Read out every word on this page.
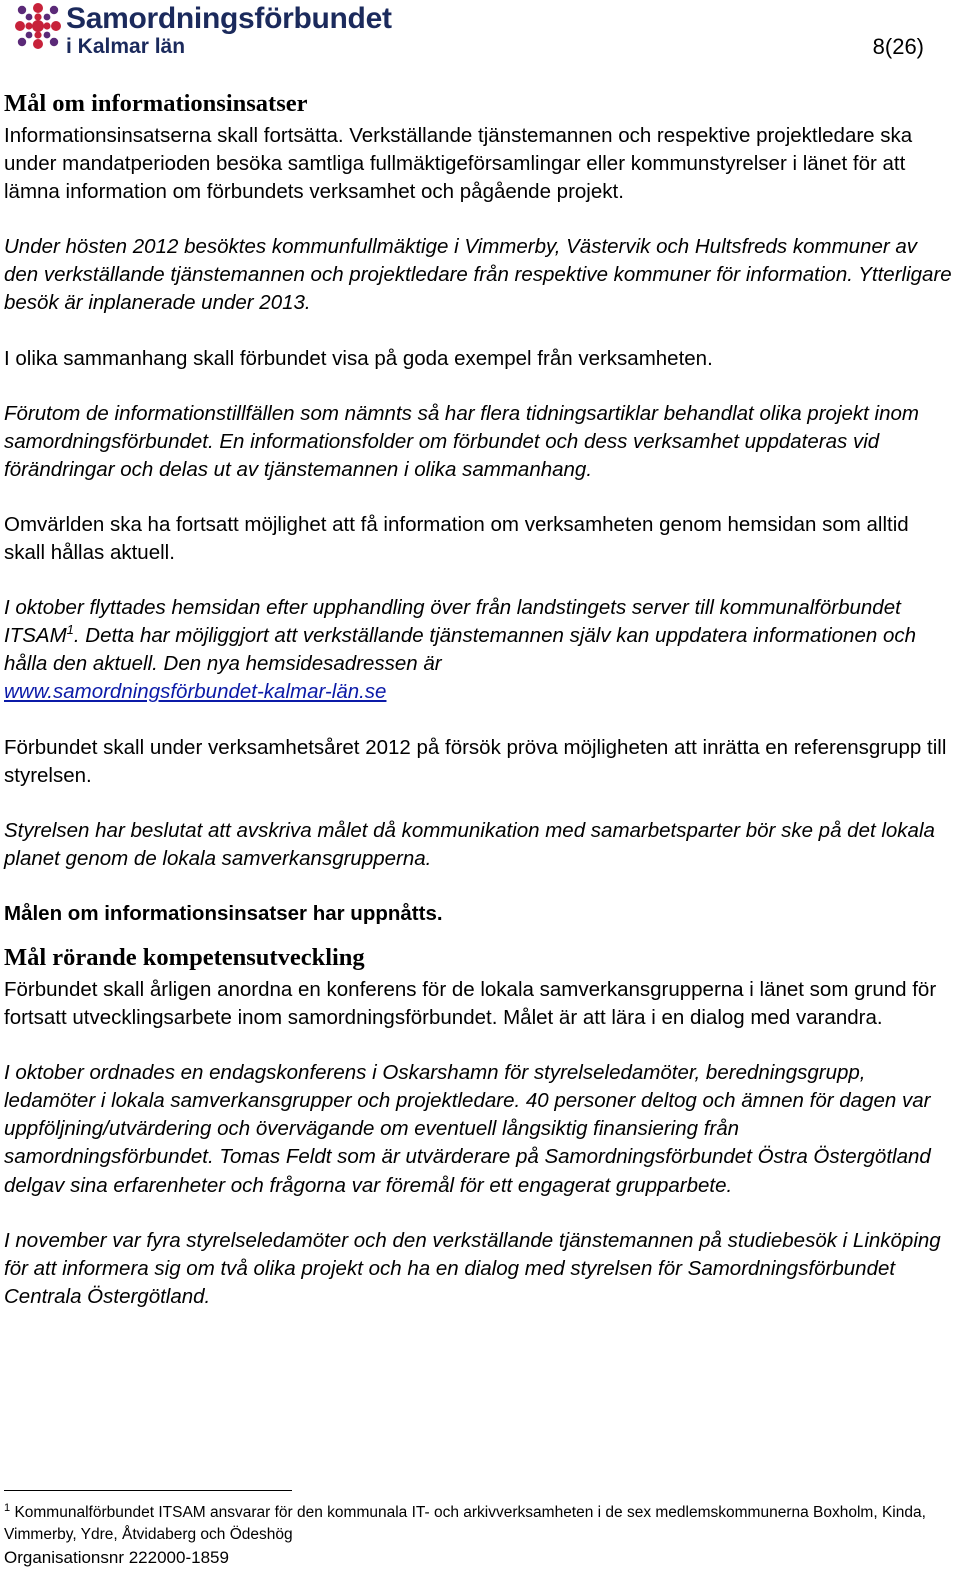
Samordningsförbundet
i Kalmar län	8(26)
Mål om informationsinsatser

Informationsinsatserna skall fortsätta. Verkställande tjänstemannen och respektive projektledare ska under mandatperioden besöka samtliga fullmäktigeförsamlingar eller kommunstyrelser i länet för att lämna information om förbundets verksamhet och pågående projekt.

Under hösten 2012 besöktes kommunfullmäktige i Vimmerby, Västervik och Hultsfreds kommuner av den verkställande tjänstemannen och projektledare från respektive kommuner för information. Ytterligare besök är inplanerade under 2013.

I olika sammanhang skall förbundet visa på goda exempel från verksamheten.

Förutom de informationstillfällen som nämnts så har flera tidningsartiklar behandlat olika projekt inom samordningsförbundet. En informationsfolder om förbundet och dess verksamhet uppdateras vid förändringar och delas ut av tjänstemannen i olika sammanhang.

Omvärlden ska ha fortsatt möjlighet att få information om verksamheten genom hemsidan som alltid skall hållas aktuell.

I oktober flyttades hemsidan efter upphandling över från landstingets server till kommunalförbundet ITSAM$^1$. Detta har möjliggjort att verkställande tjänstemannen själv kan uppdatera informationen och hålla den aktuell. Den nya hemsidesadressen är
www.samordningsförbundet-kalmar-län.se

Förbundet skall under verksamhetsåret 2012 på försök pröva möjligheten att inrätta en referensgrupp till styrelsen.

Styrelsen har beslutat att avskriva målet då kommunikation med samarbetsparter bör ske på det lokala planet genom de lokala samverkansgrupperna.

Målen om informationsinsatser har uppnåtts.

Mål rörande kompetensutveckling

Förbundet skall årligen anordna en konferens för de lokala samverkansgrupperna i länet som grund för fortsatt utvecklingsarbete inom samordningsförbundet. Målet är att lära i en dialog med varandra.

I oktober ordnades en endagskonferens i Oskarshamn för styrelseledamöter, beredningsgrupp, ledamöter i lokala samverkansgrupper och projektledare. 40 personer deltog och ämnen för dagen var uppföljning/utvärdering och övervägande om eventuell långsiktig finansiering från samordningsförbundet. Tomas Feldt som är utvärderare på Samordningsförbundet Östra Östergötland delgav sina erfarenheter och frågorna var föremål för ett engagerat grupparbete.

I november var fyra styrelseledamöter och den verkställande tjänstemannen på studiebesök i Linköping för att informera sig om två olika projekt och ha en dialog med styrelsen för Samordningsförbundet Centrala Östergötland.

$^1$ Kommunalförbundet ITSAM ansvarar för den kommunala IT- och arkivverksamheten i de sex medlemskommunerna Boxholm, Kinda, Vimmerby, Ydre, Åtvidaberg och Ödeshög
Organisationsnr 222000-1859
